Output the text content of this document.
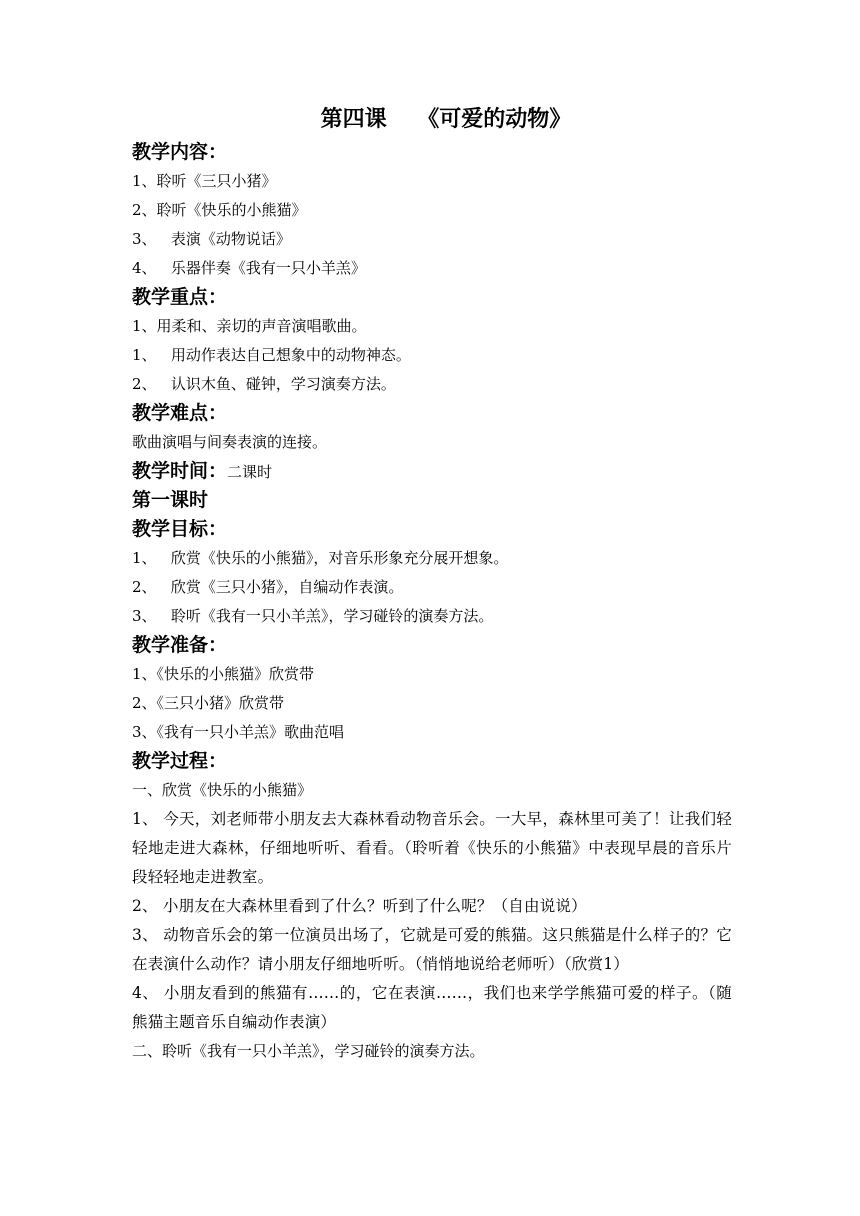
第四课    《可爱的动物》
教学内容：
1、聆听《三只小猪》
2、聆听《快乐的小熊猫》
3、   表演《动物说话》
4、   乐器伴奏《我有一只小羊羔》
教学重点：
1、用柔和、亲切的声音演唱歌曲。
1、   用动作表达自己想象中的动物神态。
2、   认识木鱼、碰钟，学习演奏方法。
教学难点：
歌曲演唱与间奏表演的连接。
教学时间：二课时
第一课时
教学目标：
1、   欣赏《快乐的小熊猫》，对音乐形象充分展开想象。
2、   欣赏《三只小猪》，自编动作表演。
3、   聆听《我有一只小羊羔》，学习碰铃的演奏方法。
教学准备：
1、《快乐的小熊猫》欣赏带
2、《三只小猪》欣赏带
3、《我有一只小羊羔》歌曲范唱
教学过程：
一、欣赏《快乐的小熊猫》
1、 今天，刘老师带小朋友去大森林看动物音乐会。一大早，森林里可美了！让我们轻轻地走进大森林，仔细地听听、看看。（聆听着《快乐的小熊猫》中表现早晨的音乐片段轻轻地走进教室。
2、 小朋友在大森林里看到了什么？听到了什么呢？（自由说说）
3、 动物音乐会的第一位演员出场了，它就是可爱的熊猫。这只熊猫是什么样子的？它在表演什么动作？请小朋友仔细地听听。（悄悄地说给老师听）（欣赏1）
4、 小朋友看到的熊猫有……的，它在表演……，我们也来学学熊猫可爱的样子。（随熊猫主题音乐自编动作表演）
二、聆听《我有一只小羊羔》，学习碰铃的演奏方法。
